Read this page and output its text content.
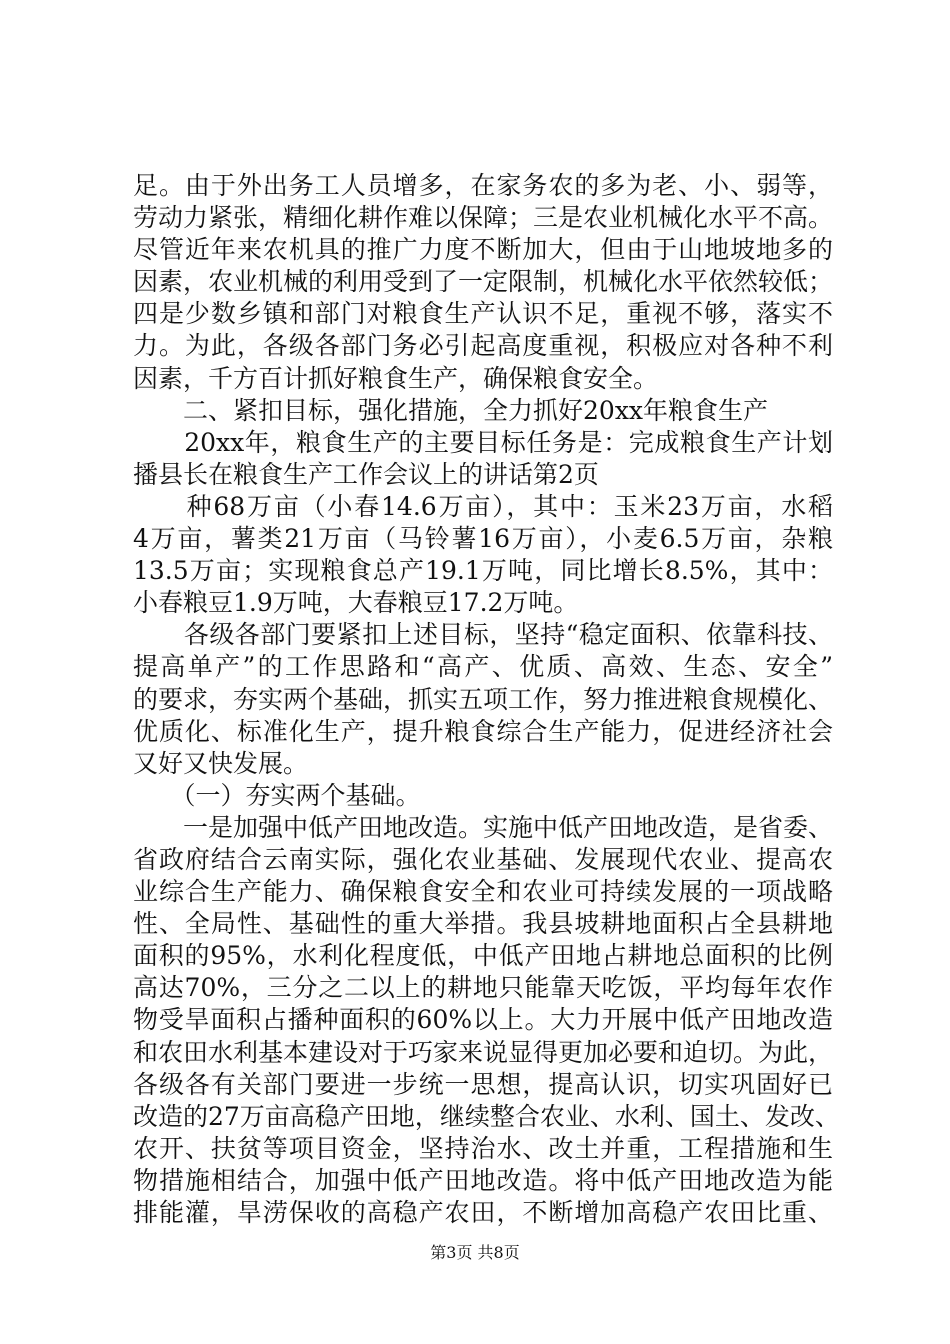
足。由于外出务工人员增多，在家务农的多为老、小、弱等，
劳动力紧张，精细化耕作难以保障；三是农业机械化水平不高。
尽管近年来农机具的推广力度不断加大，但由于山地坡地多的
因素，农业机械的利用受到了一定限制，机械化水平依然较低；
四是少数乡镇和部门对粮食生产认识不足，重视不够，落实不
力。为此，各级各部门务必引起高度重视，积极应对各种不利
因素，千方百计抓好粮食生产，确保粮食安全。
　　二、紧扣目标，强化措施，全力抓好20xx年粮食生产
　　20xx年，粮食生产的主要目标任务是：完成粮食生产计划
播县长在粮食生产工作会议上的讲话第2页
　　种68万亩（小春14.6万亩），其中：玉米23万亩，水稻
4万亩，薯类21万亩（马铃薯16万亩），小麦6.5万亩，杂粮
13.5万亩；实现粮食总产19.1万吨，同比增长8.5%，其中：
小春粮豆1.9万吨，大春粮豆17.2万吨。
　　各级各部门要紧扣上述目标，坚持“稳定面积、依靠科技、
提高单产”的工作思路和“高产、优质、高效、生态、安全”
的要求，夯实两个基础，抓实五项工作，努力推进粮食规模化、
优质化、标准化生产，提升粮食综合生产能力，促进经济社会
又好又快发展。
　　（一）夯实两个基础。
　　一是加强中低产田地改造。实施中低产田地改造，是省委、
省政府结合云南实际，强化农业基础、发展现代农业、提高农
业综合生产能力、确保粮食安全和农业可持续发展的一项战略
性、全局性、基础性的重大举措。我县坡耕地面积占全县耕地
面积的95%，水利化程度低，中低产田地占耕地总面积的比例
高达70%，三分之二以上的耕地只能靠天吃饭，平均每年农作
物受旱面积占播种面积的60%以上。大力开展中低产田地改造
和农田水利基本建设对于巧家来说显得更加必要和迫切。为此，
各级各有关部门要进一步统一思想，提高认识，切实巩固好已
改造的27万亩高稳产田地，继续整合农业、水利、国土、发改、
农开、扶贫等项目资金，坚持治水、改土并重，工程措施和生
物措施相结合，加强中低产田地改造。将中低产田地改造为能
排能灌，旱涝保收的高稳产农田，不断增加高稳产农田比重、
第3页 共8页
